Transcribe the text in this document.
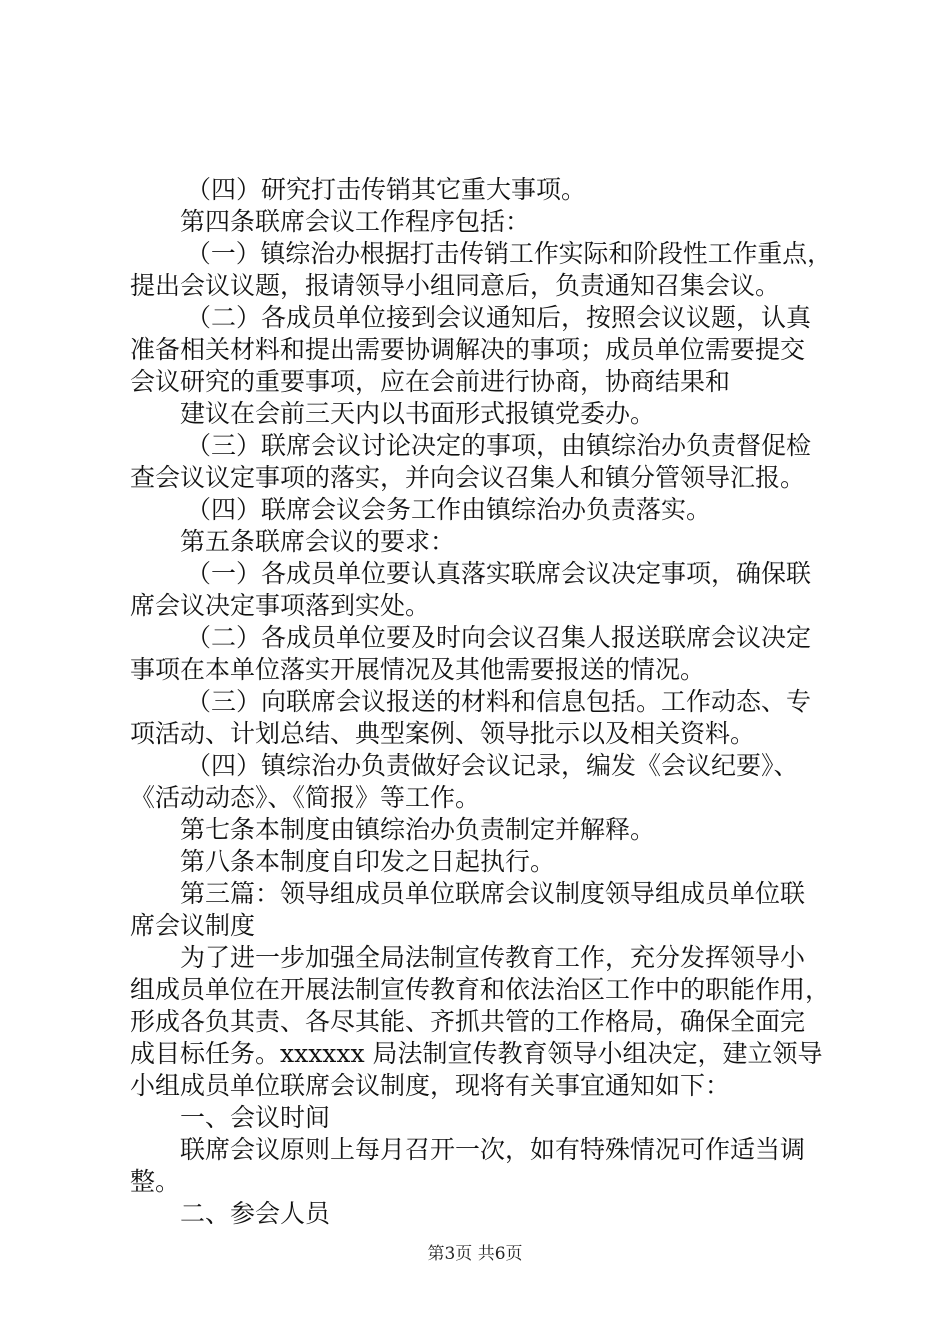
（四）研究打击传销其它重大事项。
第四条联席会议工作程序包括：
（一）镇综治办根据打击传销工作实际和阶段性工作重点，
提出会议议题，报请领导小组同意后，负责通知召集会议。
（二）各成员单位接到会议通知后，按照会议议题，认真
准备相关材料和提出需要协调解决的事项；成员单位需要提交
会议研究的重要事项，应在会前进行协商，协商结果和
建议在会前三天内以书面形式报镇党委办。
（三）联席会议讨论决定的事项，由镇综治办负责督促检
查会议议定事项的落实，并向会议召集人和镇分管领导汇报。
（四）联席会议会务工作由镇综治办负责落实。
第五条联席会议的要求：
（一）各成员单位要认真落实联席会议决定事项，确保联
席会议决定事项落到实处。
（二）各成员单位要及时向会议召集人报送联席会议决定
事项在本单位落实开展情况及其他需要报送的情况。
（三）向联席会议报送的材料和信息包括。工作动态、专
项活动、计划总结、典型案例、领导批示以及相关资料。
（四）镇综治办负责做好会议记录，编发《会议纪要》、
《活动动态》、《简报》等工作。
第七条本制度由镇综治办负责制定并解释。
第八条本制度自印发之日起执行。
第三篇：领导组成员单位联席会议制度领导组成员单位联
席会议制度
为了进一步加强全局法制宣传教育工作，充分发挥领导小
组成员单位在开展法制宣传教育和依法治区工作中的职能作用，
形成各负其责、各尽其能、齐抓共管的工作格局，确保全面完
成目标任务。xxxxxx 局法制宣传教育领导小组决定，建立领导
小组成员单位联席会议制度，现将有关事宜通知如下：
一、会议时间
联席会议原则上每月召开一次，如有特殊情况可作适当调
整。
二、参会人员
第3页 共6页
